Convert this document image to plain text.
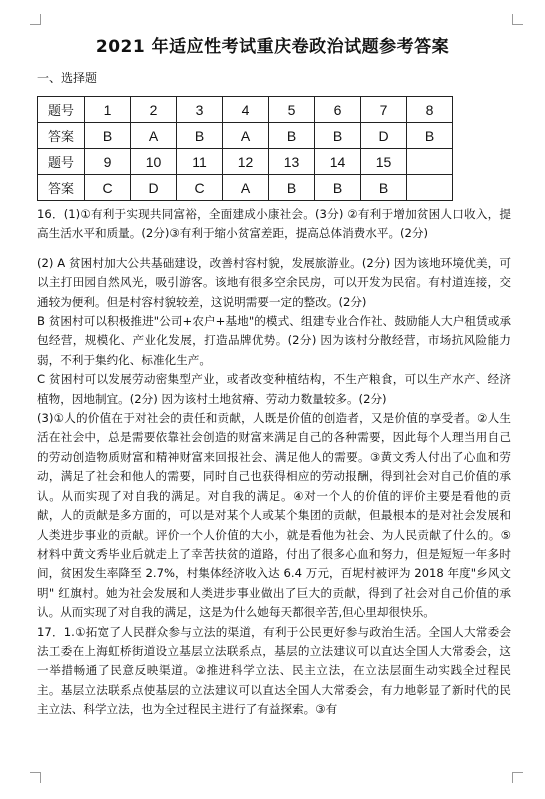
2021 年适应性考试重庆卷政治试题参考答案
一、选择题
题号	1	2	3	4	5	6	7	8
答案	B	A	B	A	B	B	D	B
题号	9	10	11	12	13	14	15	
答案	C	D	C	A	B	B	B	

16．(1)①有利于实现共同富裕，全面建成小康社会。(3分) ②有利于增加贫困人口收入，提高生活水平和质量。(2分)③有利于缩小贫富差距，提高总体消费水平。(2分)

(2) A 贫困村加大公共基础建设，改善村容村貌，发展旅游业。(2分) 因为该地环境优美，可以主打田园自然风光，吸引游客。该地有很多空余民房，可以开发为民宿。有村道连接，交通较为便利。但是村容村貌较差，这说明需要一定的整改。(2分)

B 贫困村可以积极推进"公司+农户+基地"的模式、组建专业合作社、鼓励能人大户租赁或承包经营，规模化、产业化发展，打造品牌优势。(2分) 因为该村分散经营，市场抗风险能力弱，不利于集约化、标准化生产。

C 贫困村可以发展劳动密集型产业，或者改变种植结构，不生产粮食，可以生产水产、经济植物，因地制宜。(2分) 因为该村土地贫瘠、劳动力数量较多。(2分)

(3)①人的价值在于对社会的责任和贡献，人既是价值的创造者，又是价值的享受者。②人生活在社会中，总是需要依靠社会创造的财富来满足自己的各种需要，因此每个人理当用自己的劳动创造物质财富和精神财富来回报社会、满足他人的需要。③黄文秀人付出了心血和劳动，满足了社会和他人的需要，同时自己也获得相应的劳动报酬，得到社会对自己价值的承认。从而实现了对自我的满足。对自我的满足。④对一个人的价值的评价主要是看他的贡献，人的贡献是多方面的，可以是对某个人或某个集团的贡献，但最根本的是对社会发展和人类进步事业的贡献。评价一个人价值的大小，就是看他为社会、为人民贡献了什么的。⑤材料中黄文秀毕业后就走上了幸苦扶贫的道路，付出了很多心血和努力，但是短短一年多时间，贫困发生率降至 2.7%，村集体经济收入达 6.4 万元，百坭村被评为 2018 年度"乡风文明" 红旗村。她为社会发展和人类进步事业做出了巨大的贡献，得到了社会对自己价值的承认。从而实现了对自我的满足，这是为什么她每天都很辛苦,但心里却很快乐。

17．1.①拓宽了人民群众参与立法的渠道，有利于公民更好参与政治生活。全国人大常委会法工委在上海虹桥街道设立基层立法联系点，基层的立法建议可以直达全国人大常委会，这一举措畅通了民意反映渠道。②推进科学立法、民主立法，在立法层面生动实践全过程民主。基层立法联系点使基层的立法建议可以直达全国人大常委会，有力地彰显了新时代的民主立法、科学立法，也为全过程民主进行了有益探索。③有
